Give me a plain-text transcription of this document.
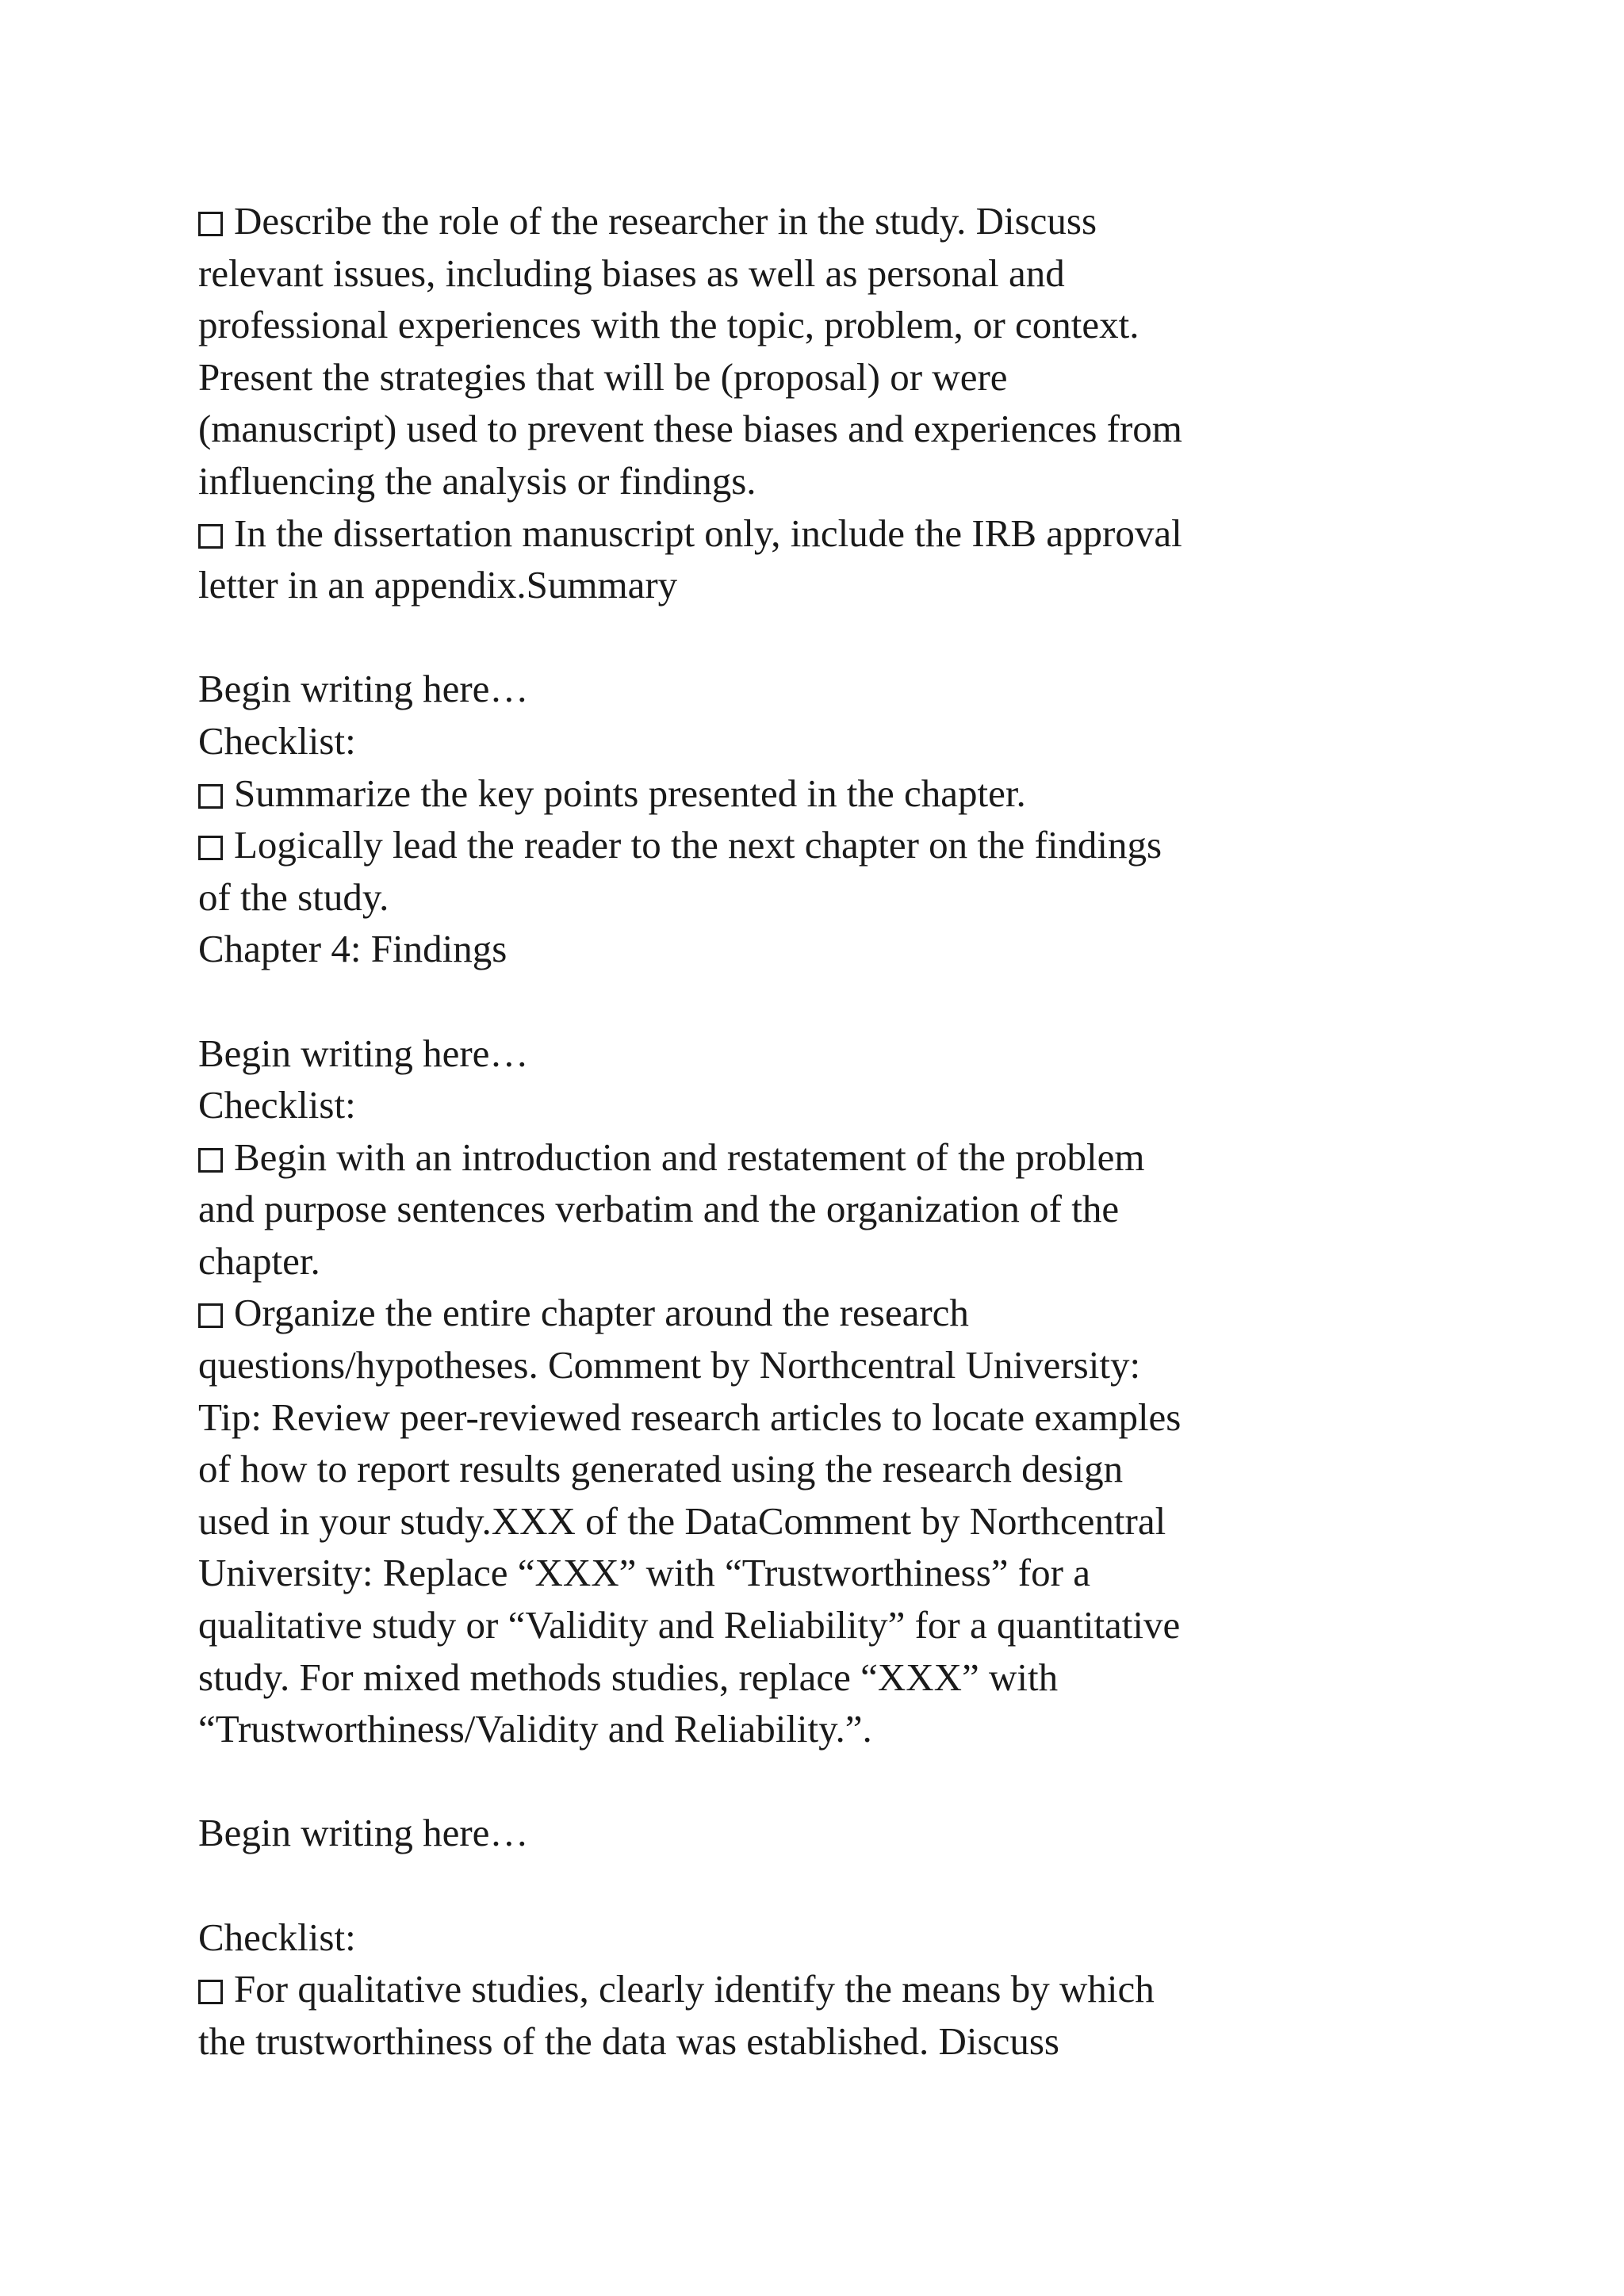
Describe the role of the researcher in the study. Discuss
relevant issues, including biases as well as personal and
professional experiences with the topic, problem, or context.
Present the strategies that will be (proposal) or were
(manuscript) used to prevent these biases and experiences from
influencing the analysis or findings.
In the dissertation manuscript only, include the IRB approval
letter in an appendix.Summary
Begin writing here…
Checklist:
Summarize the key points presented in the chapter.
Logically lead the reader to the next chapter on the findings
of the study.
Chapter 4: Findings
Begin writing here…
Checklist:
Begin with an introduction and restatement of the problem
and purpose sentences verbatim and the organization of the
chapter.
Organize the entire chapter around the research
questions/hypotheses. Comment by Northcentral University:
Tip: Review peer-reviewed research articles to locate examples
of how to report results generated using the research design
used in your study.XXX of the DataComment by Northcentral
University: Replace “XXX” with “Trustworthiness” for a
qualitative study or “Validity and Reliability” for a quantitative
study. For mixed methods studies, replace “XXX” with
“Trustworthiness/Validity and Reliability.”.
Begin writing here…
Checklist:
For qualitative studies, clearly identify the means by which
the trustworthiness of the data was established. Discuss
